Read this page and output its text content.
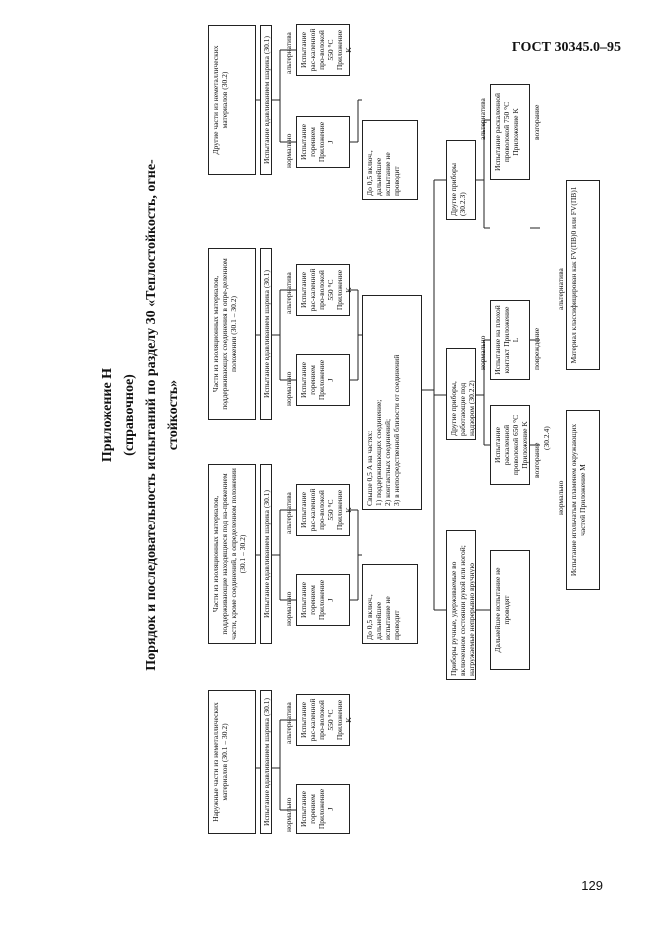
ГОСТ 30345.0–95
129
Приложение Н (справочное) Порядок и последовательность испытаний по разделу 30 «Теплостойкость, огне- стойкость»
Наружные части из неметаллических материалов (30.1 – 30.2)
Части из изоляционных материалов, поддерживающие находящиеся под на-пряжением части, кроме соединений, в определенном положении (30.1 – 30.2)
Части из изоляционных материалов, поддерживающих соединения в опре-деленном положении (30.1 – 30.2)
Другие части из неметаллических материалов (30.2)
Испытание вдавливанием шарика (30.1)
Испытание вдавливанием шарика (30.1)
Испытание вдавливанием шарика (30.1)
Испытание вдавливанием шарика (30.1)
нормально
альтернатива
нормально
альтернатива
нормально
альтернатива
нормально
альтернатива
Испытание горением Приложение J
Испытание рас-каленной про-волокой 550 °С Приложение K
Испытание горением Приложение J
Испытание рас-каленной про-волокой 550 °С Приложение K
Испытание горением Приложение J
Испытание рас-каленной про-волокой 550 °С Приложение K
Испытание горением Приложение J
Испытание рас-каленной про-волокой 550 °С Приложение K
До 0,5 включ., дальнейшее испытание не проводит
Свыше 0,5 А на частях:
1) поддерживающих соединение;
2) контактных соединений;
3) в непосредственной близости от соединений
До 0,5 включ., дальнейшее испытание не проводит
Приборы ручные, удерживаемые во включенном состоянии рукой или ногой; нагружаемые непрерывно вручную
Другие приборы, работающие под надзором (30.2.2)
Другие приборы (30.2.3)
Дальнейшее испытание не проводят
Испытание раскаленной проволокой 650 °С Приложение K
нормально Испытание на плохой контакт Приложение L
альтернатива Испытание раскаленной проволокой 750 °С Приложение K
возгорание
повреждение
возгорание
(30.2.4)
нормально Испытание игольчатым пламенем окружающих частей Приложение M
альтернатива Материал классифицирован как FV(ПВ)0 или FV(ПВ)1
